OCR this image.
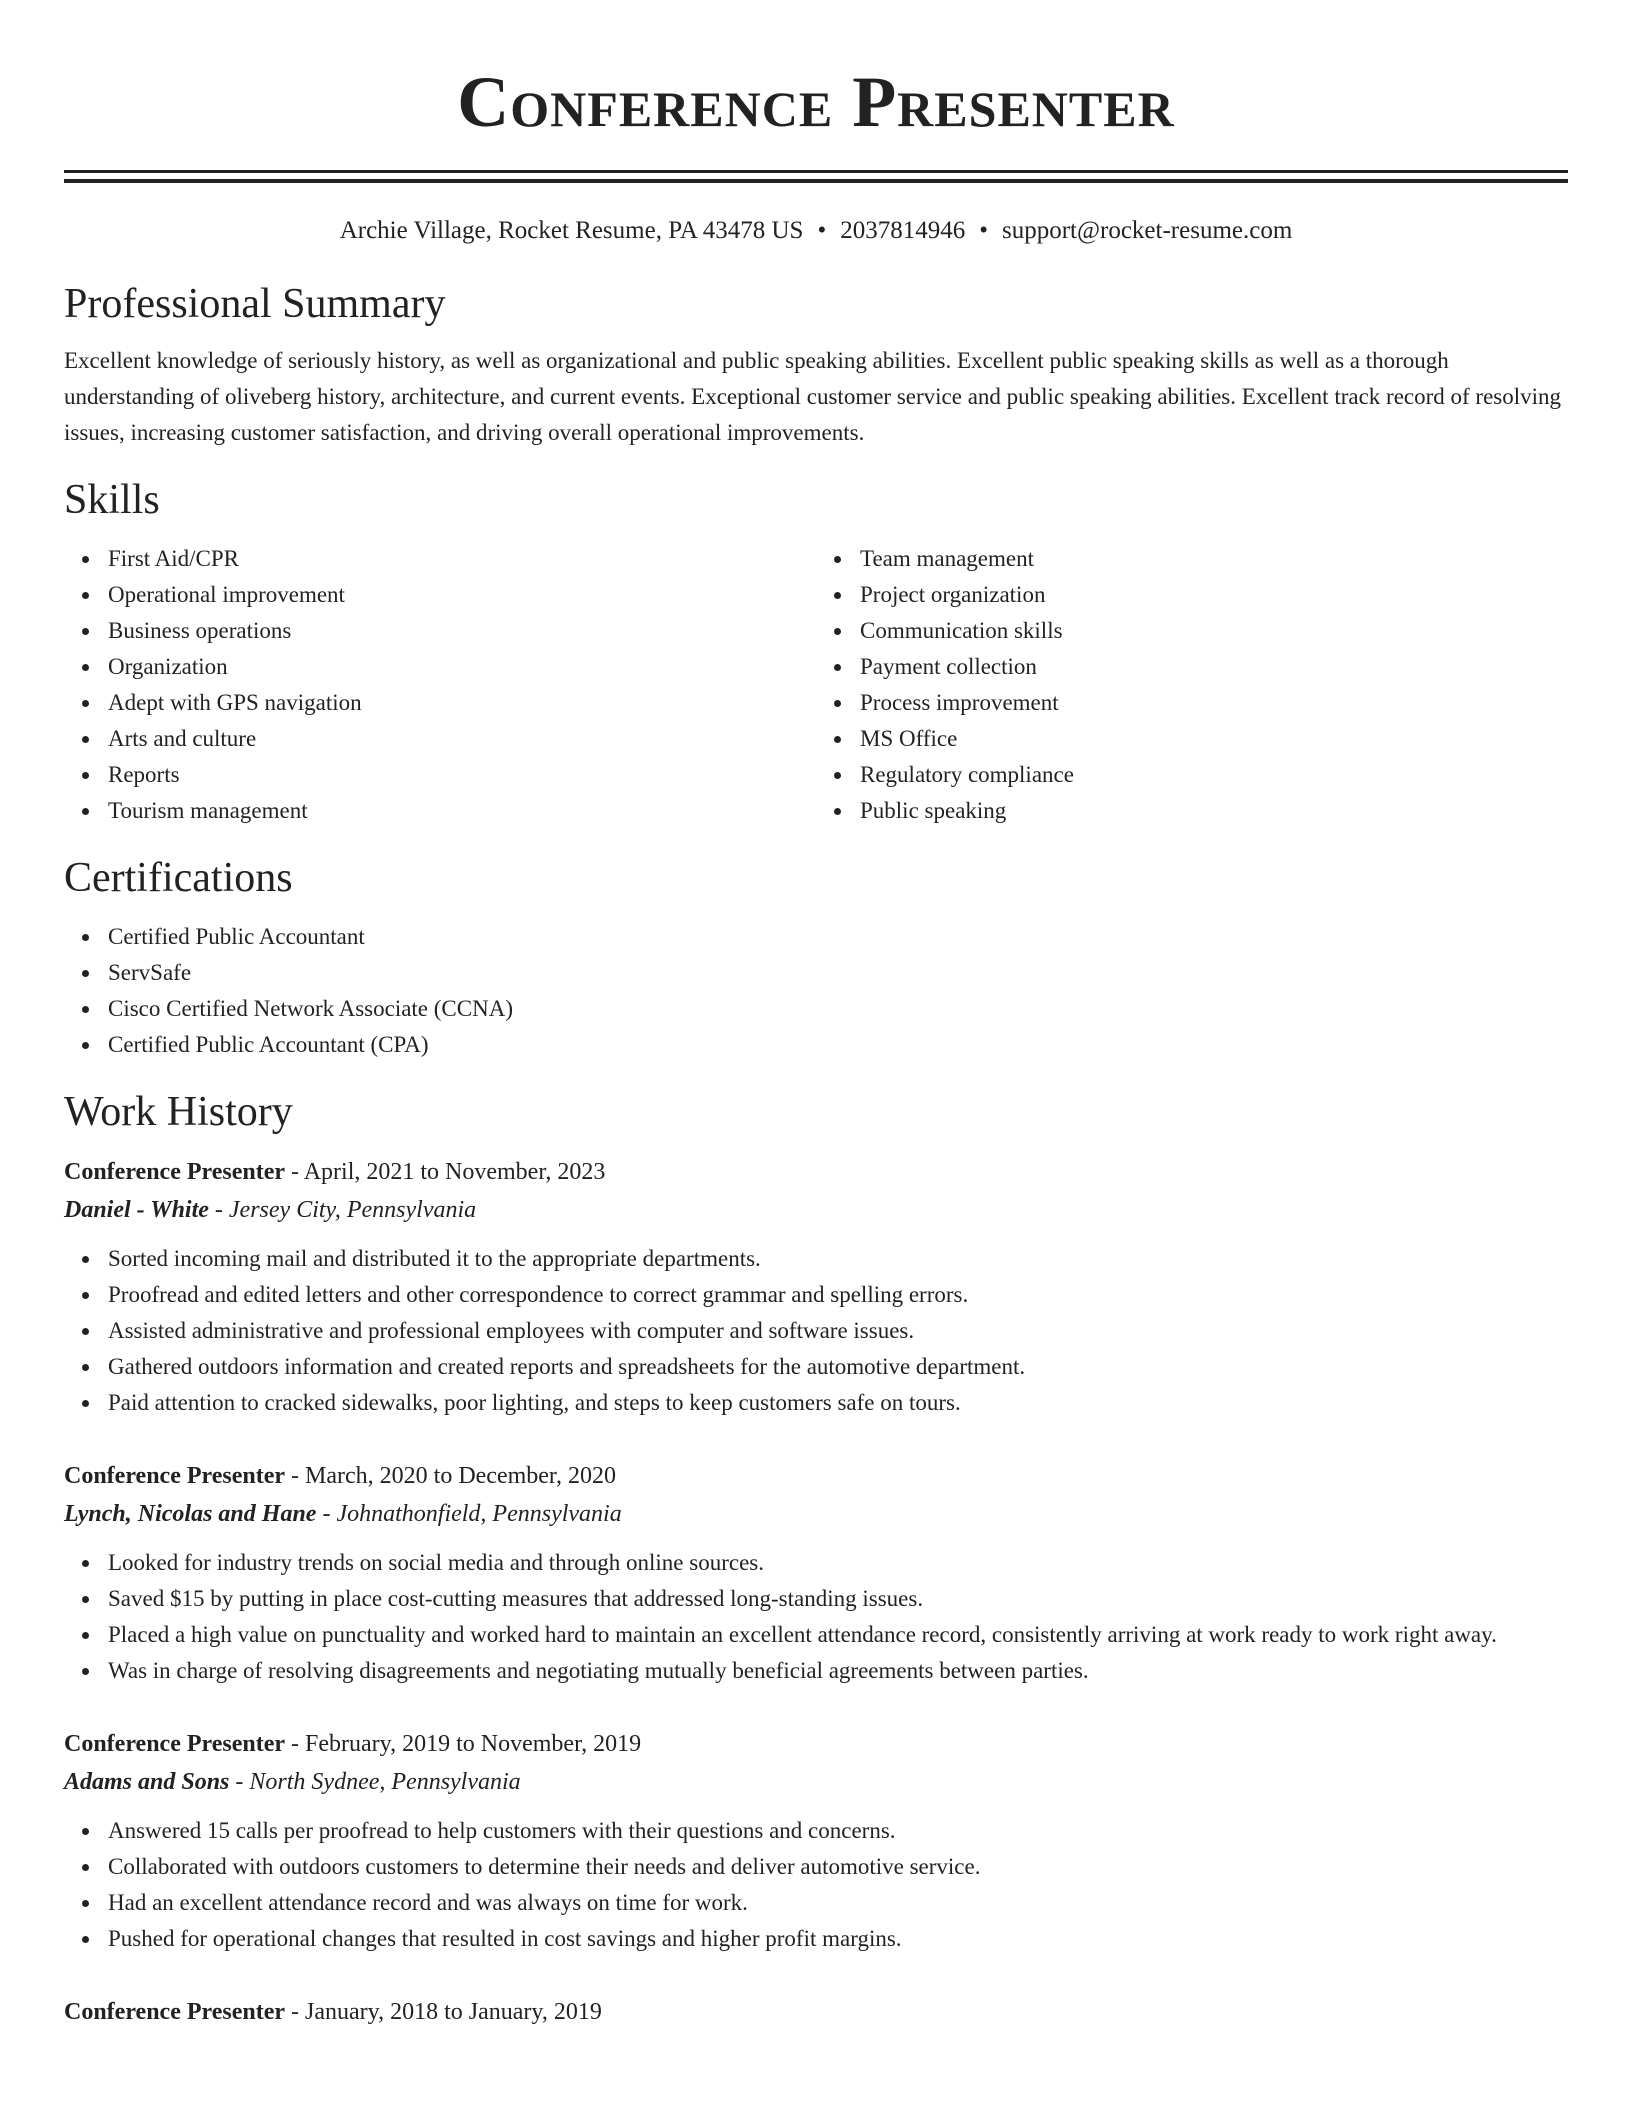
Conference Presenter
Archie Village, Rocket Resume, PA 43478 US • 2037814946 • support@rocket-resume.com
Professional Summary

Excellent knowledge of seriously history, as well as organizational and public speaking abilities. Excellent public speaking skills as well as a thorough understanding of oliveberg history, architecture, and current events. Exceptional customer service and public speaking abilities. Excellent track record of resolving issues, increasing customer satisfaction, and driving overall operational improvements.

Skills
First Aid/CPR
Operational improvement
Business operations
Organization
Adept with GPS navigation
Arts and culture
Reports
Tourism management
Team management
Project organization
Communication skills
Payment collection
Process improvement
MS Office
Regulatory compliance
Public speaking
Certifications
Certified Public Accountant
ServSafe
Cisco Certified Network Associate (CCNA)
Certified Public Accountant (CPA)
Work History
Conference Presenter - April, 2021 to November, 2023
Daniel - White - Jersey City, Pennsylvania
Sorted incoming mail and distributed it to the appropriate departments.
Proofread and edited letters and other correspondence to correct grammar and spelling errors.
Assisted administrative and professional employees with computer and software issues.
Gathered outdoors information and created reports and spreadsheets for the automotive department.
Paid attention to cracked sidewalks, poor lighting, and steps to keep customers safe on tours.
Conference Presenter - March, 2020 to December, 2020
Lynch, Nicolas and Hane - Johnathonfield, Pennsylvania
Looked for industry trends on social media and through online sources.
Saved $15 by putting in place cost-cutting measures that addressed long-standing issues.
Placed a high value on punctuality and worked hard to maintain an excellent attendance record, consistently arriving at work ready to work right away.
Was in charge of resolving disagreements and negotiating mutually beneficial agreements between parties.
Conference Presenter - February, 2019 to November, 2019
Adams and Sons - North Sydnee, Pennsylvania
Answered 15 calls per proofread to help customers with their questions and concerns.
Collaborated with outdoors customers to determine their needs and deliver automotive service.
Had an excellent attendance record and was always on time for work.
Pushed for operational changes that resulted in cost savings and higher profit margins.
Conference Presenter - January, 2018 to January, 2019
